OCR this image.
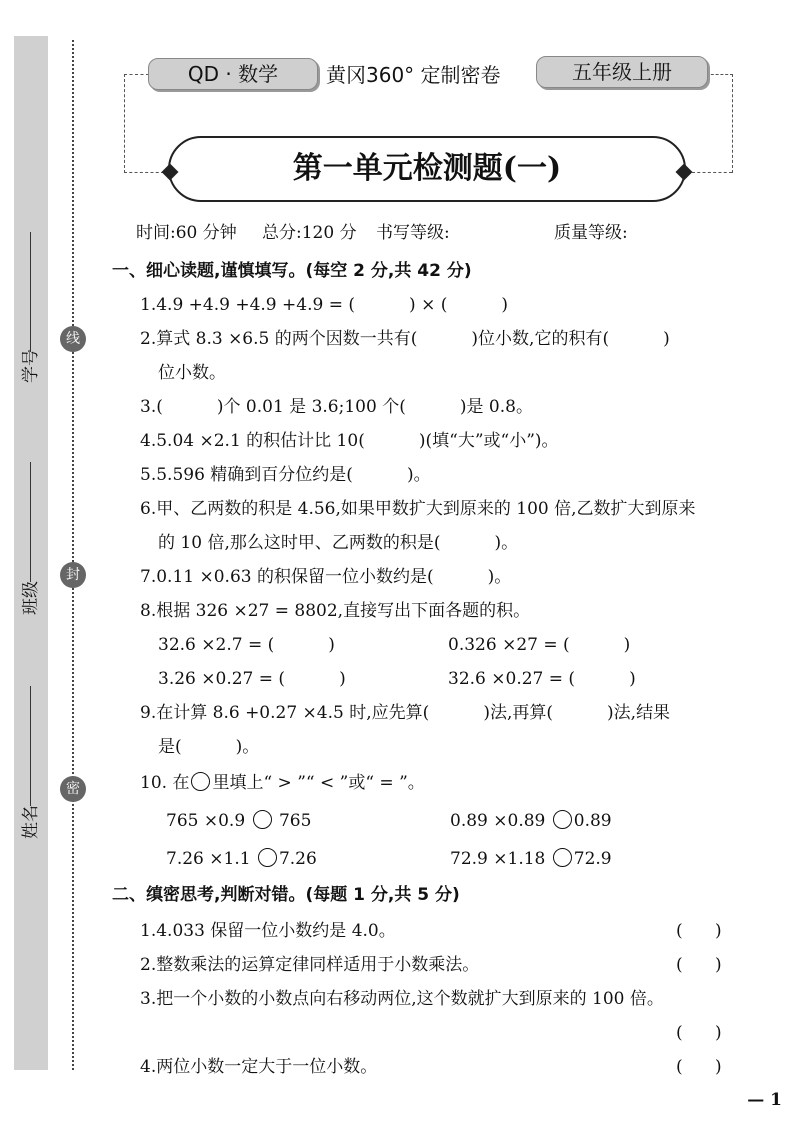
学号
班级
姓名
线
封
密
QD · 数学	黄冈360° 定制密卷	五年级上册
第一单元检测题(一)
时间:60 分钟 总分:120 分 书写等级:	质量等级:
一、细心读题,谨慎填写。(每空 2 分,共 42 分)
1.4.9 +4.9 +4.9 +4.9 = (          ) × (          )
2.算式 8.3 ×6.5 的两个因数一共有(          )位小数,它的积有(          )
位小数。
3.(          )个 0.01 是 3.6;100 个(          )是 0.8。
4.5.04 ×2.1 的积估计比 10(          )(填“大”或“小”)。
5.5.596 精确到百分位约是(          )。
6.甲、乙两数的积是 4.56,如果甲数扩大到原来的 100 倍,乙数扩大到原来
的 10 倍,那么这时甲、乙两数的积是(          )。
7.0.11 ×0.63 的积保留一位小数约是(          )。
8.根据 326 ×27 = 8802,直接写出下面各题的积。
32.6 ×2.7 = (          )	0.326 ×27 = (          )
3.26 ×0.27 = (          )	32.6 ×0.27 = (          )
9.在计算 8.6 +0.27 ×4.5 时,应先算(          )法,再算(          )法,结果
是(          )。
10. 在 里填上“ > ”“ < ”或“ = ”。
765 ×0.9  765	0.89 ×0.89 0.89
7.26 ×1.1 7.26	72.9 ×1.18 72.9
二、缜密思考,判断对错。(每题 1 分,共 5 分)
1.4.033 保留一位小数约是 4.0。	(      )
2.整数乘法的运算定律同样适用于小数乘法。	(      )
3.把一个小数的小数点向右移动两位,这个数就扩大到原来的 100 倍。
(      )
4.两位小数一定大于一位小数。	(      )
— 1
